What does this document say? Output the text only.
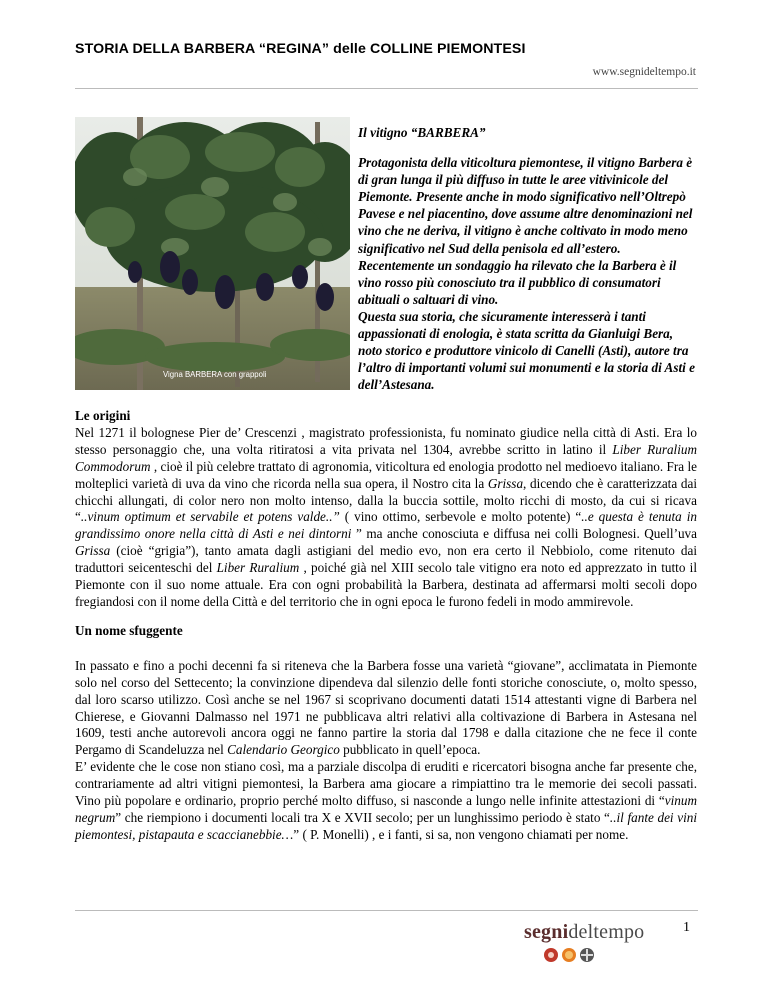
STORIA DELLA BARBERA “REGINA” delle COLLINE PIEMONTESI
www.segnideltempo.it
Vigna BARBERA con grappoli

Il vitigno “BARBERA”

Protagonista della viticoltura piemontese, il vitigno Barbera è di gran lunga il più diffuso in tutte le aree vitivinicole del Piemonte. Presente anche in modo significativo nell’Oltrepò Pavese e nel piacentino, dove assume altre denominazioni nel vino che ne deriva, il vitigno è anche coltivato in modo meno significativo nel Sud della penisola ed all’estero. Recentemente un sondaggio ha rilevato che la Barbera è il vino rosso più conosciuto tra il pubblico di consumatori abituali o saltuari di vino.
Questa sua storia, che sicuramente interesserà i tanti appassionati di enologia, è stata scritta da Gianluigi Bera, noto storico e produttore vinicolo di Canelli (Asti), autore tra l’altro di importanti volumi sui monumenti e la storia di Asti e dell’Astesana.

Le origini

Nel 1271 il bolognese Pier de’ Crescenzi , magistrato professionista, fu nominato giudice nella città di Asti. Era lo stesso personaggio che, una volta ritiratosi a vita privata nel 1304, avrebbe scritto in latino il Liber Ruralium Commodorum , cioè il più celebre trattato di agronomia, viticoltura ed enologia prodotto nel medioevo italiano. Fra le molteplici varietà di uva da vino che ricorda nella sua opera, il Nostro cita la Grissa, dicendo che è caratterizzata dai chicchi allungati, di color nero non molto intenso, dalla la buccia sottile, molto ricchi di mosto, da cui si ricava “..vinum optimum et servabile et potens valde..” ( vino ottimo, serbevole e molto potente) “..e questa è tenuta in grandissimo onore nella città di Asti e nei dintorni ” ma anche conosciuta e diffusa nei colli Bolognesi. Quell’uva Grissa (cioè “grigia”), tanto amata dagli astigiani del medio evo, non era certo il Nebbiolo, come ritenuto dai traduttori seicenteschi del Liber Ruralium , poiché già nel XIII secolo tale vitigno era noto ed apprezzato in tutto il Piemonte con il suo nome attuale. Era con ogni probabilità la Barbera, destinata ad affermarsi molti secoli dopo fregiandosi con il nome della Città e del territorio che in ogni epoca le furono fedeli in modo ammirevole.

Un nome sfuggente

In passato e fino a pochi decenni fa si riteneva che la Barbera fosse una varietà “giovane”, acclimatata in Piemonte solo nel corso del Settecento; la convinzione dipendeva dal silenzio delle fonti storiche conosciute, o, molto spesso, dal loro scarso utilizzo. Così anche se nel 1967 si scoprivano documenti datati 1514 attestanti vigne di Barbera nel Chierese, e Giovanni Dalmasso nel 1971 ne pubblicava altri relativi alla coltivazione di Barbera in Astesana nel 1609, testi anche autorevoli ancora oggi ne fanno partire la storia dal 1798 e dalla citazione che ne fece il conte Pergamo di Scandeluzza nel Calendario Georgico pubblicato in quell’epoca.

E’ evidente che le cose non stiano così, ma a parziale discolpa di eruditi e ricercatori bisogna anche far presente che, contrariamente ad altri vitigni piemontesi, la Barbera ama giocare a rimpiattino tra le memorie dei secoli passati. Vino più popolare e ordinario, proprio perché molto diffuso, si nasconde a lungo nelle infinite attestazioni di “vinum negrum” che riempiono i documenti locali tra X e XVII secolo; per un lunghissimo periodo è stato “..il fante dei vini piemontesi, pistapauta e scaccianebbie…” ( P. Monelli) , e i fanti, si sa, non vengono chiamati per nome.

segnideltempo	1
